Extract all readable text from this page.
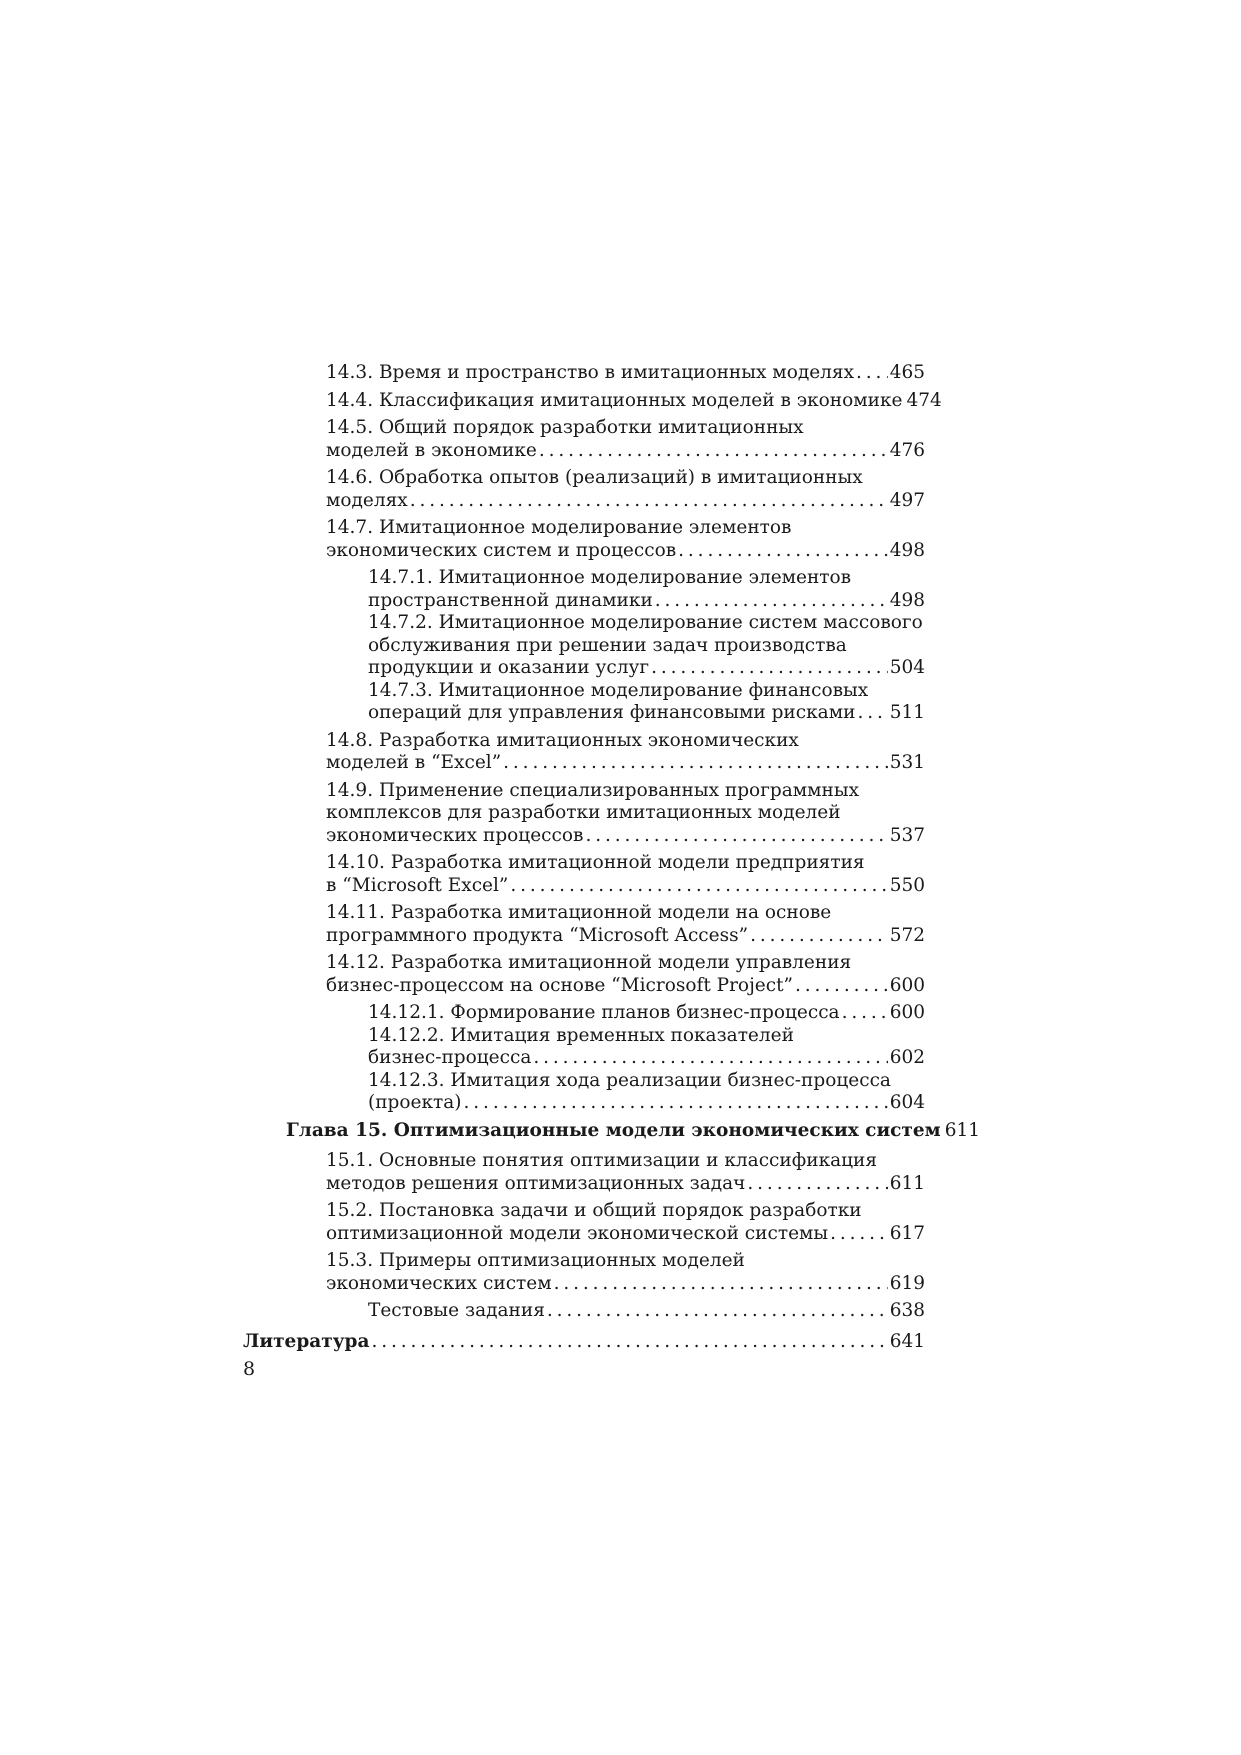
14.3. Время и пространство в имитационных моделях . . . 465
14.4. Классификация имитационных моделей в экономике 474
14.5. Общий порядок разработки имитационных
моделей в экономике . . .	476
14.6. Обработка опытов (реализаций) в имитационных
моделях . . .	497
14.7. Имитационное моделирование элементов
экономических систем и процессов . . .	498
14.7.1. Имитационное моделирование элементов
пространственной динамики . . .	498
14.7.2. Имитационное моделирование систем массового
обслуживания при решении задач производства
продукции и оказании услуг . . .	504
14.7.3. Имитационное моделирование финансовых
операций для управления финансовыми рисками . . . 511
14.8. Разработка имитационных экономических
моделей в “Excel” . . .	531
14.9. Применение специализированных программных
комплексов для разработки имитационных моделей
экономических процессов . . .	537
14.10. Разработка имитационной модели предприятия
в “Microsoft Excel” . . .	550
14.11. Разработка имитационной модели на основе
программного продукта “Microsoft Access” . . .	572
14.12. Разработка имитационной модели управления
бизнес-процессом на основе “Microsoft Project” . . .	600
14.12.1. Формирование планов бизнес-процесса . . .	600
14.12.2. Имитация временных показателей
бизнес-процесса . . .	602
14.12.3. Имитация хода реализации бизнес-процесса
(проекта) . . .	604
Глава 15. Оптимизационные модели экономических систем 611
15.1. Основные понятия оптимизации и классификация
методов решения оптимизационных задач . . .	611
15.2. Постановка задачи и общий порядок разработки
оптимизационной модели экономической системы . . .	617
15.3. Примеры оптимизационных моделей
экономических систем . . .	619
Тестовые задания . . .	638
Литература . . .	641
8
